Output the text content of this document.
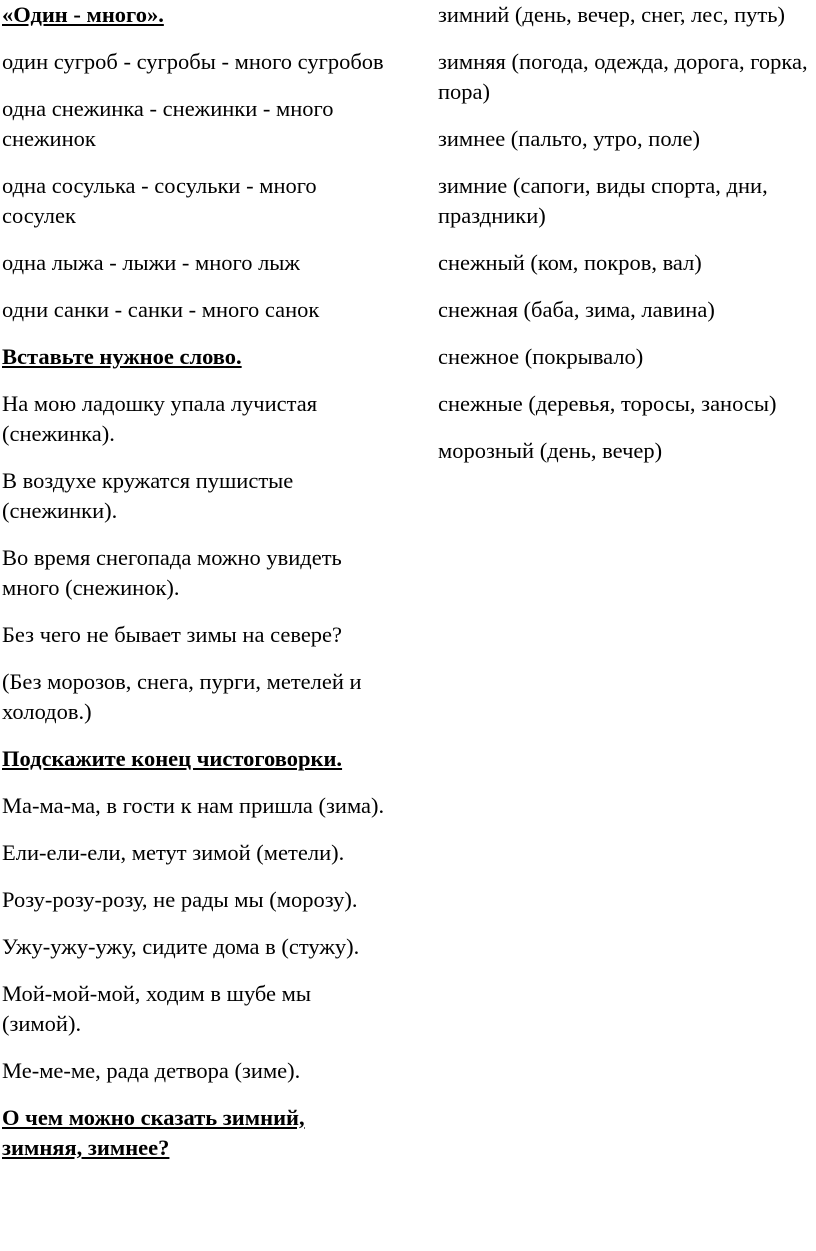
«Один - много».
один сугроб - сугробы - много сугробов
одна снежинка - снежинки - много снежинок
одна сосулька - сосульки - много сосулек
одна лыжа - лыжи - много лыж
одни санки - санки - много санок
Вставьте нужное слово.
На мою ладошку упала лучистая (снежинка).
В воздухе кружатся пушистые (снежинки).
Во время снегопада можно увидеть много (снежинок).
Без чего не бывает зимы на севере?
(Без морозов, снега, пурги, метелей и холодов.)
Подскажите конец чистоговорки.
Ма-ма-ма, в гости к нам пришла (зима).
Ели-ели-ели, метут зимой (метели).
Розу-розу-розу, не рады мы (морозу).
Ужу-ужу-ужу, сидите дома в (стужу).
Мой-мой-мой, ходим в шубе мы (зимой).
Ме-ме-ме, рада детвора (зиме).
О чем можно сказать зимний, зимняя, зимнее?
зимний (день, вечер, снег, лес, путь)
зимняя (погода, одежда, дорога, горка, пора)
зимнее (пальто, утро, поле)
зимние (сапоги, виды спорта, дни, праздники)
снежный (ком, покров, вал)
снежная (баба, зима, лавина)
снежное (покрывало)
снежные (деревья, торосы, заносы)
морозный (день, вечер)
